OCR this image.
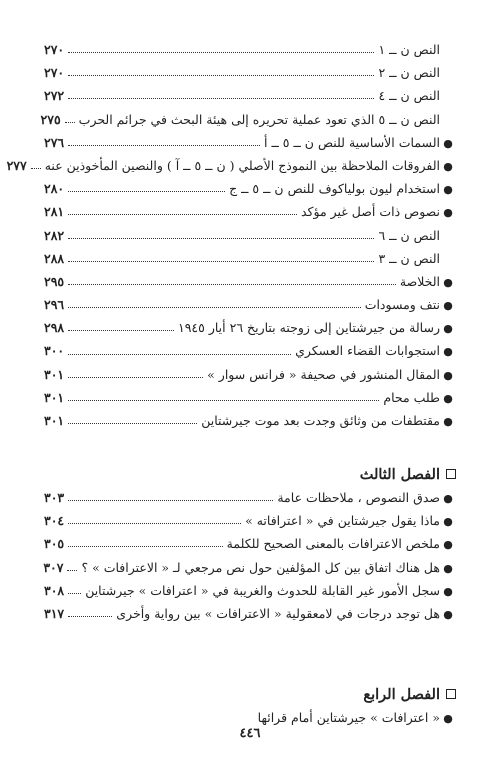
النص ن ــ ١
٢٧٠
النص ن ــ ٢
٢٧٠
النص ن ــ ٤
٢٧٢
النص ن ــ ٥ الذي تعود عملية تحريره إلى هيئة البحث في جرائم الحرب
٢٧٥
●
السمات الأساسية للنص ن ــ ٥ ــ أ
٢٧٦
●
الفروقات الملاحظة بين النموذج الأصلي ( ن ــ ٥ ــ آ ) والنصين المأخوذين عنه
٢٧٧
●
استخدام ليون بولياكوف للنص ن ــ ٥ ــ ج
٢٨٠
●
نصوص ذات أصل غير مؤكد
٢٨١
النص ن ــ ٦
٢٨٢
النص ن ــ ٣
٢٨٨
●
الخلاصة
٢٩٥
●
نتف ومسودات
٢٩٦
●
رسالة من جيرشتاين إلى زوجته بتاريخ ٢٦ أيار ١٩٤٥
٢٩٨
●
استجوابات القضاء العسكري
٣٠٠
●
المقال المنشور في صحيفة « فرانس سوار »
٣٠١
●
طلب محام
٣٠١
●
مقتطفات من وثائق وجدت بعد موت جيرشتاين
٣٠١
الفصل الثالث
●
صدق النصوص ، ملاحظات عامة
٣٠٣
●
ماذا يقول جيرشتاين في « اعترافاته »
٣٠٤
●
ملخص الاعترافات بالمعنى الصحيح للكلمة
٣٠٥
●
هل هناك اتفاق بين كل المؤلفين حول نص مرجعي لـ « الاعترافات » ؟
٣٠٧
●
سجل الأمور غير القابلة للحدوث والغريبة في « اعترافات » جيرشتاين
٣٠٨
●
هل توجد درجات في لامعقولية « الاعترافات » بين رواية وأخرى
٣١٧
الفصل الرابع
●
« اعترافات » جيرشتاين أمام قرائها
٤٤٦
